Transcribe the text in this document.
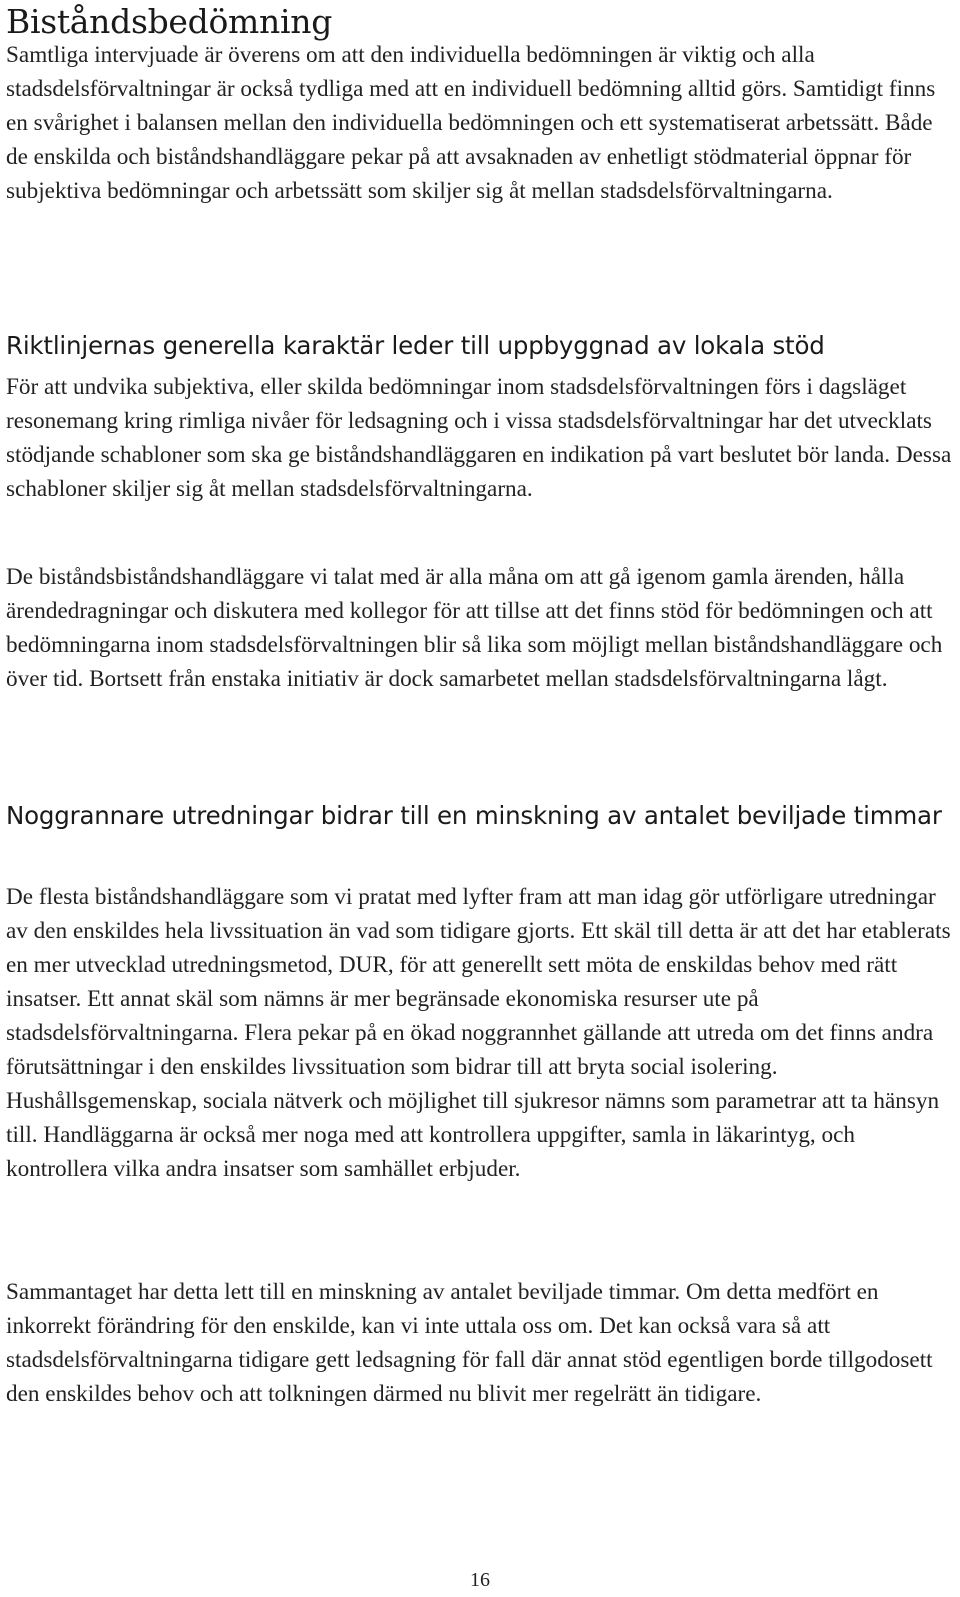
Biståndsbedömning

Samtliga intervjuade är överens om att den individuella bedömningen är viktig och alla stadsdelsförvaltningar är också tydliga med att en individuell bedömning alltid görs. Samtidigt finns en svårighet i balansen mellan den individuella bedömningen och ett systematiserat arbetssätt. Både de enskilda och biståndshandläggare pekar på att avsaknaden av enhetligt stödmaterial öppnar för subjektiva bedömningar och arbetssätt som skiljer sig åt mellan stadsdelsförvaltningarna.

Riktlinjernas generella karaktär leder till uppbyggnad av lokala stöd

För att undvika subjektiva, eller skilda bedömningar inom stadsdelsförvaltningen förs i dagsläget resonemang kring rimliga nivåer för ledsagning och i vissa stadsdelsförvaltningar har det utvecklats stödjande schabloner som ska ge biståndshandläggaren en indikation på vart beslutet bör landa. Dessa schabloner skiljer sig åt mellan stadsdelsförvaltningarna.

De biståndsbiståndshandläggare vi talat med är alla måna om att gå igenom gamla ärenden, hålla ärendedragningar och diskutera med kollegor för att tillse att det finns stöd för bedömningen och att bedömningarna inom stadsdelsförvaltningen blir så lika som möjligt mellan biståndshandläggare och över tid. Bortsett från enstaka initiativ är dock samarbetet mellan stadsdelsförvaltningarna lågt.

Noggrannare utredningar bidrar till en minskning av antalet beviljade timmar

De flesta biståndshandläggare som vi pratat med lyfter fram att man idag gör utförligare utredningar av den enskildes hela livssituation än vad som tidigare gjorts. Ett skäl till detta är att det har etablerats en mer utvecklad utredningsmetod, DUR, för att generellt sett möta de enskildas behov med rätt insatser. Ett annat skäl som nämns är mer begränsade ekonomiska resurser ute på stadsdelsförvaltningarna. Flera pekar på en ökad noggrannhet gällande att utreda om det finns andra förutsättningar i den enskildes livssituation som bidrar till att bryta social isolering. Hushållsgemenskap, sociala nätverk och möjlighet till sjukresor nämns som parametrar att ta hänsyn till. Handläggarna är också mer noga med att kontrollera uppgifter, samla in läkarintyg, och kontrollera vilka andra insatser som samhället erbjuder.

Sammantaget har detta lett till en minskning av antalet beviljade timmar. Om detta medfört en inkorrekt förändring för den enskilde, kan vi inte uttala oss om. Det kan också vara så att stadsdelsförvaltningarna tidigare gett ledsagning för fall där annat stöd egentligen borde tillgodosett den enskildes behov och att tolkningen därmed nu blivit mer regelrätt än tidigare.

16
